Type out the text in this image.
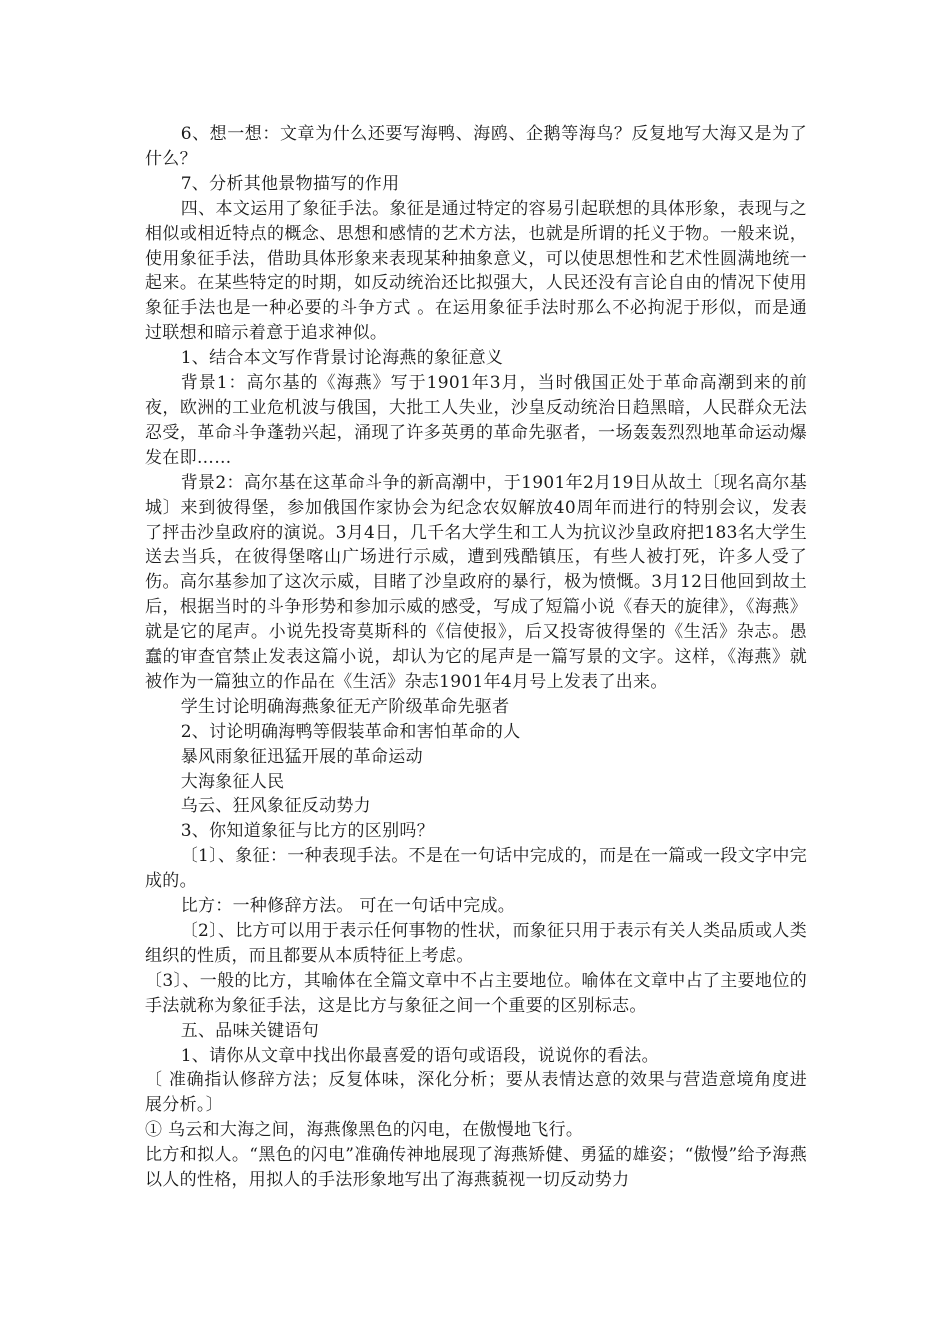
6、想一想：文章为什么还要写海鸭、海鸥、企鹅等海鸟？反复地写大海又是为了什么？

7、分析其他景物描写的作用

四、本文运用了象征手法。象征是通过特定的容易引起联想的具体形象，表现与之相似或相近特点的概念、思想和感情的艺术方法，也就是所谓的托义于物。一般来说，使用象征手法，借助具体形象来表现某种抽象意义，可以使思想性和艺术性圆满地统一起来。在某些特定的时期，如反动统治还比拟强大，人民还没有言论自由的情况下使用象征手法也是一种必要的斗争方式 。在运用象征手法时那么不必拘泥于形似，而是通过联想和暗示着意于追求神似。

1、结合本文写作背景讨论海燕的象征意义

背景1：高尔基的《海燕》写于1901年3月，当时俄国正处于革命高潮到来的前夜，欧洲的工业危机波与俄国，大批工人失业，沙皇反动统治日趋黑暗，人民群众无法忍受，革命斗争蓬勃兴起，涌现了许多英勇的革命先驱者，一场轰轰烈烈地革命运动爆发在即……

背景2：高尔基在这革命斗争的新高潮中，于1901年2月19日从故土〔现名高尔基城〕来到彼得堡，参加俄国作家协会为纪念农奴解放40周年而进行的特别会议，发表了抨击沙皇政府的演说。3月4日，几千名大学生和工人为抗议沙皇政府把183名大学生送去当兵，在彼得堡喀山广场进行示威，遭到残酷镇压，有些人被打死，许多人受了伤。高尔基参加了这次示威，目睹了沙皇政府的暴行，极为愤慨。3月12日他回到故土后，根据当时的斗争形势和参加示威的感受，写成了短篇小说《春天的旋律》，《海燕》就是它的尾声。小说先投寄莫斯科的《信使报》，后又投寄彼得堡的《生活》杂志。愚蠢的审查官禁止发表这篇小说，却认为它的尾声是一篇写景的文字。这样，《海燕》就被作为一篇独立的作品在《生活》杂志1901年4月号上发表了出来。

学生讨论明确海燕象征无产阶级革命先驱者

2、讨论明确海鸭等假装革命和害怕革命的人

暴风雨象征迅猛开展的革命运动

大海象征人民

乌云、狂风象征反动势力

3、你知道象征与比方的区别吗？

〔1〕、象征：一种表现手法。不是在一句话中完成的，而是在一篇或一段文字中完成的。

比方：一种修辞方法。 可在一句话中完成。

〔2〕、比方可以用于表示任何事物的性状，而象征只用于表示有关人类品质或人类组织的性质，而且都要从本质特征上考虑。

〔3〕、一般的比方，其喻体在全篇文章中不占主要地位。喻体在文章中占了主要地位的手法就称为象征手法，这是比方与象征之间一个重要的区别标志。

五、品味关键语句

1、请你从文章中找出你最喜爱的语句或语段，说说你的看法。

〔 准确指认修辞方法；反复体味，深化分析；要从表情达意的效果与营造意境角度进展分析。〕

① 乌云和大海之间，海燕像黑色的闪电，在傲慢地飞行。

比方和拟人。“黑色的闪电”准确传神地展现了海燕矫健、勇猛的雄姿；“傲慢”给予海燕以人的性格，用拟人的手法形象地写出了海燕藐视一切反动势力
